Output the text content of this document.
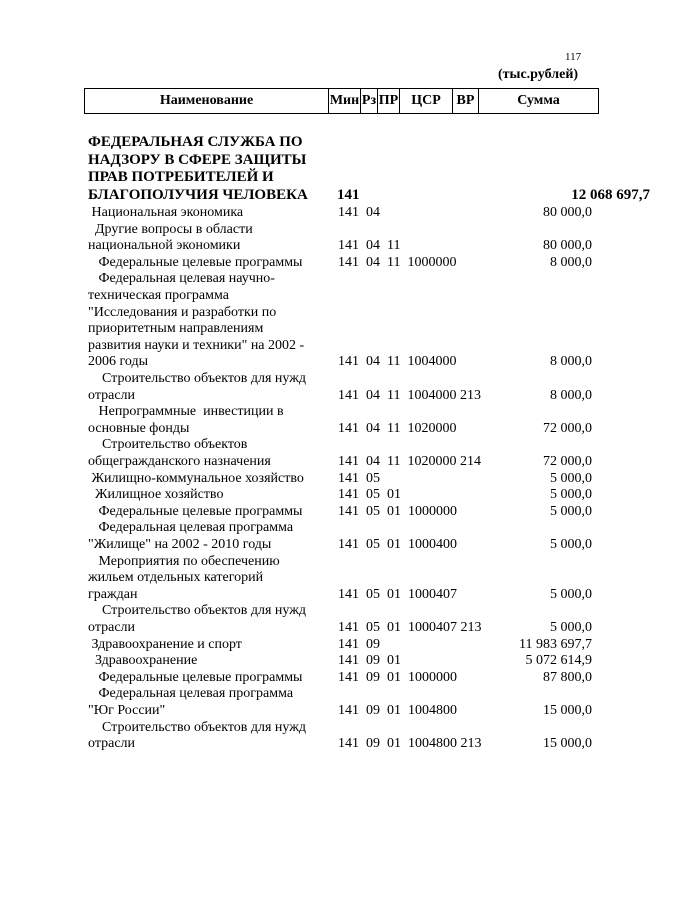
117
(тыс.рублей)
Наименование	Мин	Рз	ПР	ЦСР	ВР	Сумма
ФЕДЕРАЛЬНАЯ СЛУЖБА ПО
НАДЗОРУ В СФЕРЕ ЗАЩИТЫ
ПРАВ ПОТРЕБИТЕЛЕЙ И
БЛАГОПОЛУЧИЯ ЧЕЛОВЕКА	141	12 068 697,7
Национальная экономика	141  04	80 000,0
Другие вопросы в области
национальной экономики	141  04  11	80 000,0
Федеральные целевые программы	141  04  11  1000000	8 000,0
Федеральная целевая научно-
техническая программа
"Исследования и разработки по
приоритетным направлениям
развития науки и техники" на 2002 -
2006 годы	141  04  11  1004000	8 000,0
Строительство объектов для нужд
отрасли	141  04  11  1004000 213	8 000,0
Непрограммные  инвестиции в
основные фонды	141  04  11  1020000	72 000,0
Строительство объектов
общегражданского назначения	141  04  11  1020000 214	72 000,0
Жилищно-коммунальное хозяйство	141  05	5 000,0
Жилищное хозяйство	141  05  01	5 000,0
Федеральные целевые программы	141  05  01  1000000	5 000,0
Федеральная целевая программа
"Жилище" на 2002 - 2010 годы	141  05  01  1000400	5 000,0
Мероприятия по обеспечению
жильем отдельных категорий
граждан	141  05  01  1000407	5 000,0
Строительство объектов для нужд
отрасли	141  05  01  1000407 213	5 000,0
Здравоохранение и спорт	141  09	11 983 697,7
Здравоохранение	141  09  01	5 072 614,9
Федеральные целевые программы	141  09  01  1000000	87 800,0
Федеральная целевая программа
"Юг России"	141  09  01  1004800	15 000,0
Строительство объектов для нужд
отрасли	141  09  01  1004800 213	15 000,0
